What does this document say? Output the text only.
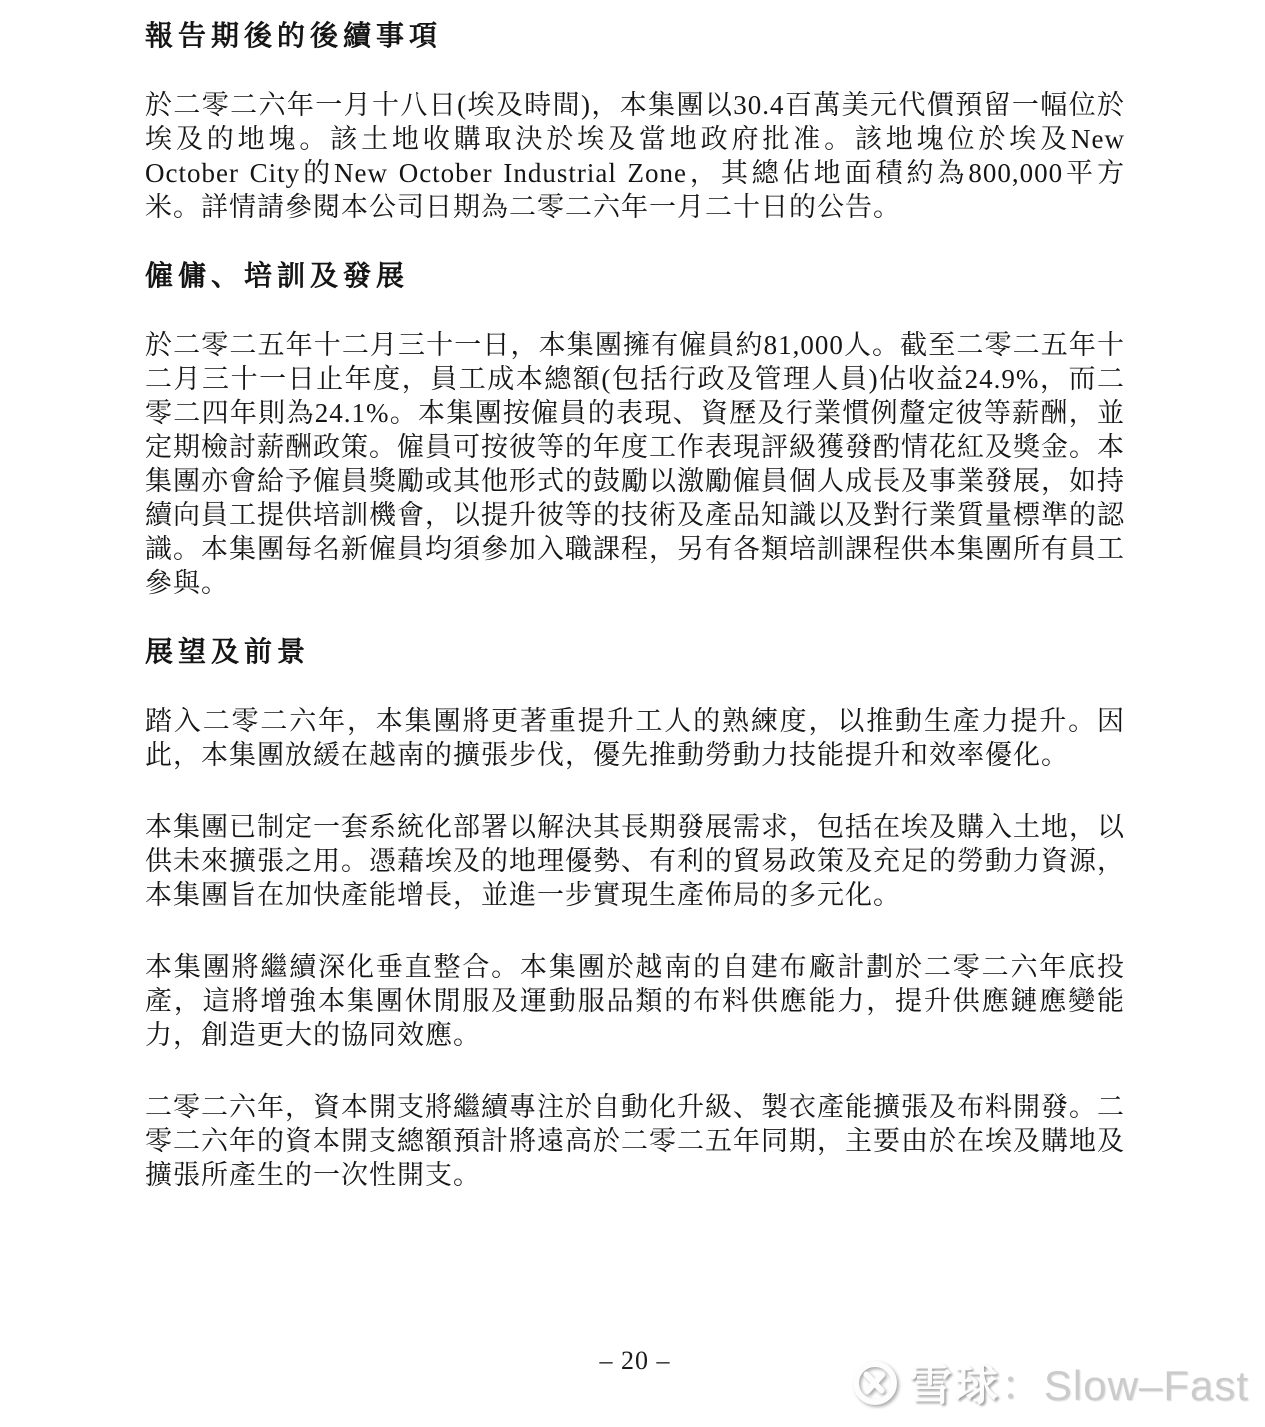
報告期後的後續事項

於二零二六年一月十八日(埃及時間)，本集團以30.4百萬美元代價預留一幅位於埃及的地塊。該土地收購取決於埃及當地政府批准。該地塊位於埃及New October City的New October Industrial Zone，其總佔地面積約為800,000平方米。詳情請參閱本公司日期為二零二六年一月二十日的公告。

僱傭、培訓及發展

於二零二五年十二月三十一日，本集團擁有僱員約81,000人。截至二零二五年十二月三十一日止年度，員工成本總額(包括行政及管理人員)佔收益24.9%，而二零二四年則為24.1%。本集團按僱員的表現、資歷及行業慣例釐定彼等薪酬，並定期檢討薪酬政策。僱員可按彼等的年度工作表現評級獲發酌情花紅及獎金。本集團亦會給予僱員獎勵或其他形式的鼓勵以激勵僱員個人成長及事業發展，如持續向員工提供培訓機會，以提升彼等的技術及產品知識以及對行業質量標準的認識。本集團每名新僱員均須參加入職課程，另有各類培訓課程供本集團所有員工參與。

展望及前景

踏入二零二六年，本集團將更著重提升工人的熟練度，以推動生產力提升。因此，本集團放緩在越南的擴張步伐，優先推動勞動力技能提升和效率優化。

本集團已制定一套系統化部署以解決其長期發展需求，包括在埃及購入土地，以供未來擴張之用。憑藉埃及的地理優勢、有利的貿易政策及充足的勞動力資源，本集團旨在加快產能增長，並進一步實現生產佈局的多元化。

本集團將繼續深化垂直整合。本集團於越南的自建布廠計劃於二零二六年底投產，這將增強本集團休閒服及運動服品類的布料供應能力，提升供應鏈應變能力，創造更大的協同效應。

二零二六年，資本開支將繼續專注於自動化升級、製衣產能擴張及布料開發。二零二六年的資本開支總額預計將遠高於二零二五年同期，主要由於在埃及購地及擴張所產生的一次性開支。

– 20 –
雪球 ：Slow–Fast
